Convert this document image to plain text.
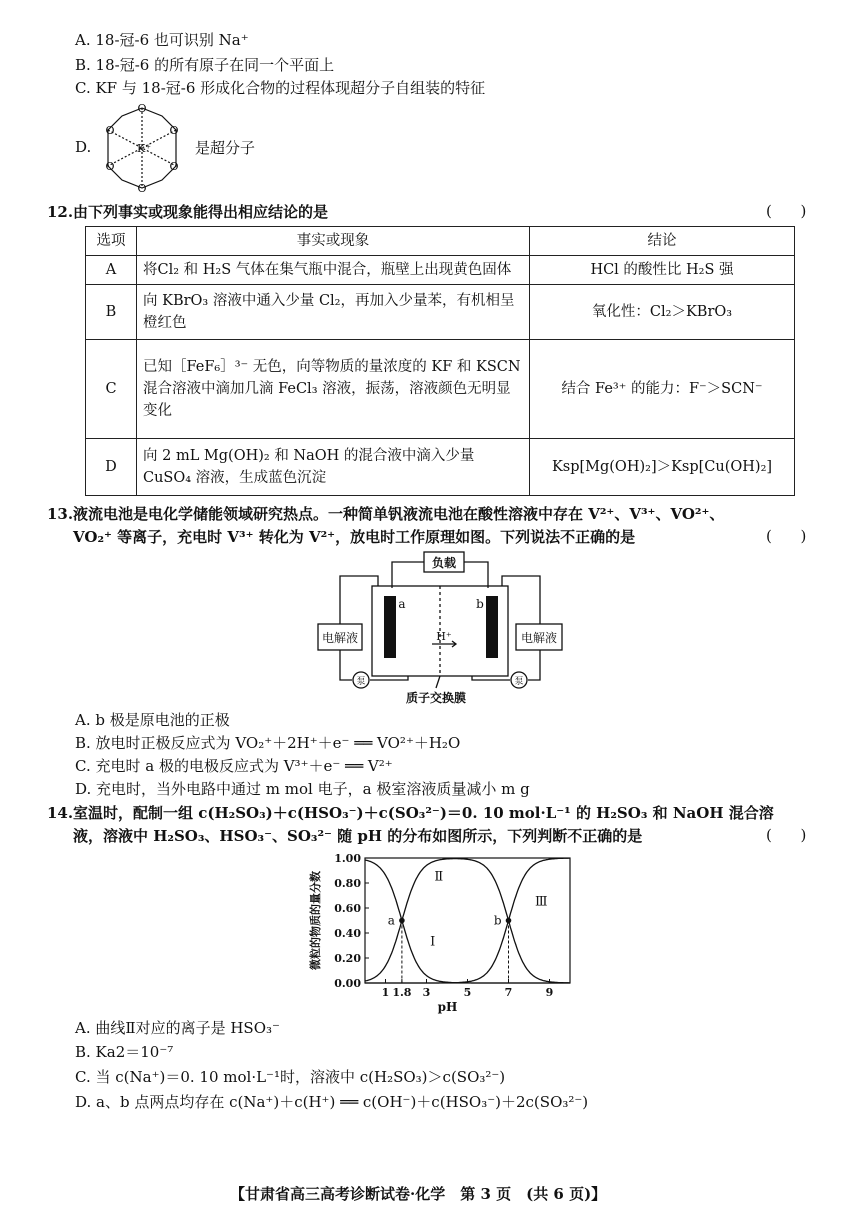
A. 18-冠-6 也可识别 Na⁺
B. 18-冠-6 的所有原子在同一个平面上
C. KF 与 18-冠-6 形成化合物的过程体现超分子自组装的特征
D.
O
O
O
O
O
O
K⁺	是超分子
12. 由下列事实或现象能得出相应结论的是	(      )
选项	事实或现象	结论
A	将Cl₂ 和 H₂S 气体在集气瓶中混合，瓶壁上出现黄色固体	HCl 的酸性比 H₂S 强
B	向 KBrO₃ 溶液中通入少量 Cl₂，再加入少量苯，有机相呈橙红色	氧化性：Cl₂＞KBrO₃
C	已知［FeF₆］³⁻ 无色，向等物质的量浓度的 KF 和 KSCN 混合溶液中滴加几滴 FeCl₃ 溶液，振荡，溶液颜色无明显变化	结合 Fe³⁺ 的能力：F⁻＞SCN⁻
D	向 2 mL Mg(OH)₂ 和 NaOH 的混合液中滴入少量 CuSO₄ 溶液，生成蓝色沉淀	Ksp[Mg(OH)₂]＞Ksp[Cu(OH)₂]
13. 液流电池是电化学储能领域研究热点。一种简单钒液流电池在酸性溶液中存在 V²⁺、V³⁺、VO²⁺、
VO₂⁺ 等离子，充电时 V³⁺ 转化为 V²⁺，放电时工作原理如图。下列说法不正确的是	(      )
负载
电解液	电解液
a	b
H⁺
泵	泵
质子交换膜
A. b 极是原电池的正极
B. 放电时正极反应式为 VO₂⁺＋2H⁺＋e⁻ ══ VO²⁺＋H₂O
C. 充电时 a 极的电极反应式为 V³⁺＋e⁻ ══ V²⁺
D. 充电时，当外电路中通过 m mol 电子，a 极室溶液质量减小 m g
14. 室温时，配制一组 c(H₂SO₃)＋c(HSO₃⁻)＋c(SO₃²⁻)＝0. 10 mol·L⁻¹ 的 H₂SO₃ 和 NaOH 混合溶
液，溶液中 H₂SO₃、HSO₃⁻、SO₃²⁻ 随 pH 的分布如图所示，下列判断不正确的是	(      )
0.00
0.20
0.40
0.60
0.80
1.00
1 1.8 3	5	7	9
pH
微粒的物质的量分数	Ⅰ
Ⅱ
Ⅲ
a	b
A. 曲线Ⅱ对应的离子是 HSO₃⁻
B. Ka2＝10⁻⁷
C. 当 c(Na⁺)＝0. 10 mol·L⁻¹时，溶液中 c(H₂SO₃)＞c(SO₃²⁻)
D. a、b 点两点均存在 c(Na⁺)＋c(H⁺) ══ c(OH⁻)＋c(HSO₃⁻)＋2c(SO₃²⁻)
【甘肃省高三高考诊断试卷·化学　第 3 页　(共 6 页)】
